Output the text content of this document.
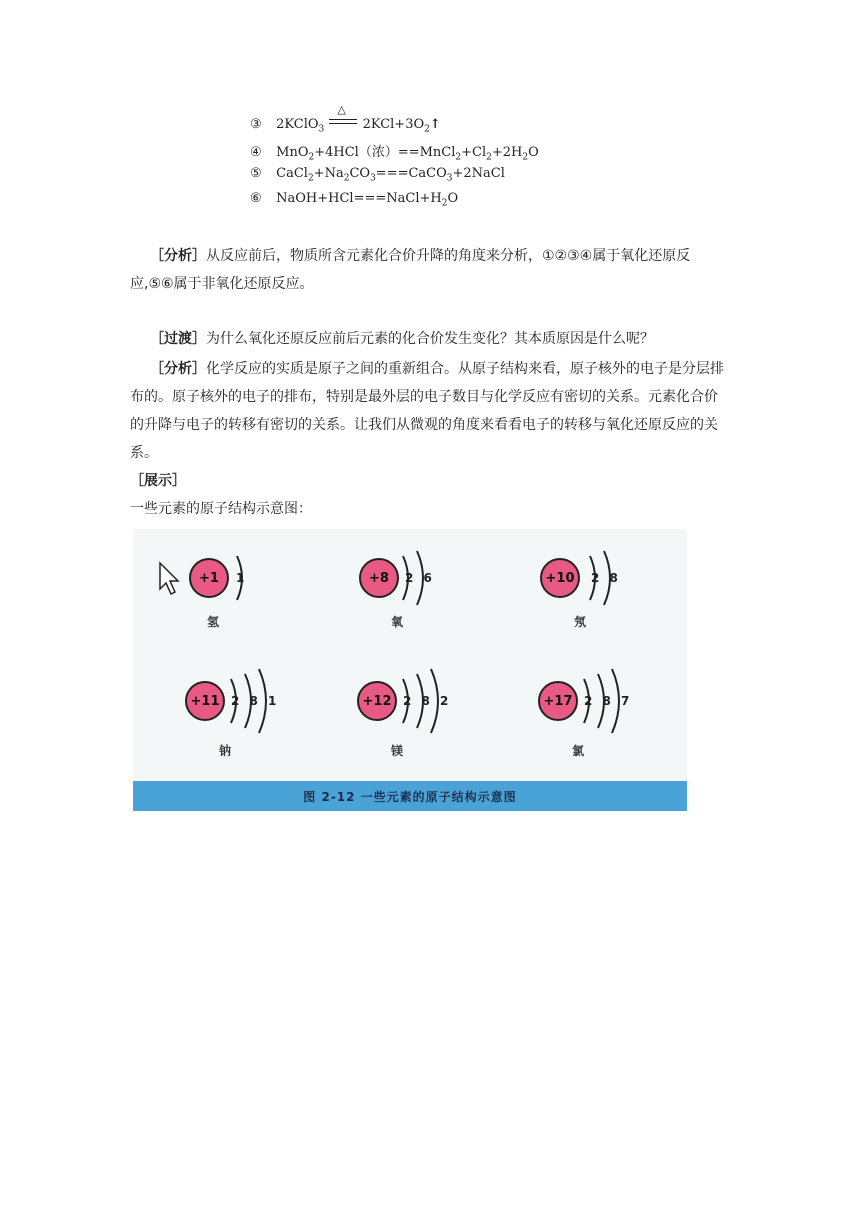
③ 2KClO$_3$
△
$2KCl+3O_2↑$
④ MnO$_2$+4HCl（浓）$==MnCl_2+Cl_2+2H_2O$
⑤ $CaCl_2+Na_2CO_3===CaCO_3+2NaCl$
⑥ $NaOH+HCl===NaCl+H_2O$
［分析］从反应前后，物质所含元素化合价升降的角度来分析，①②③④属于氧化还原反应,⑤⑥属于非氧化还原反应。
［过渡］为什么氧化还原反应前后元素的化合价发生变化？其本质原因是什么呢？
［分析］化学反应的实质是原子之间的重新组合。从原子结构来看，原子核外的电子是分层排布的。原子核外的电子的排布，特别是最外层的电子数目与化学反应有密切的关系。元素化合价的升降与电子的转移有密切的关系。让我们从微观的角度来看看电子的转移与氧化还原反应的关系。
［展示］
一些元素的原子结构示意图：
+1	1
氢
+8	2 6
氧
+10	2 8
氖
+11 2 8 1
钠
+12 2 8 2
镁
+17 2 8 7
氯
图 2-12 一些元素的原子结构示意图
